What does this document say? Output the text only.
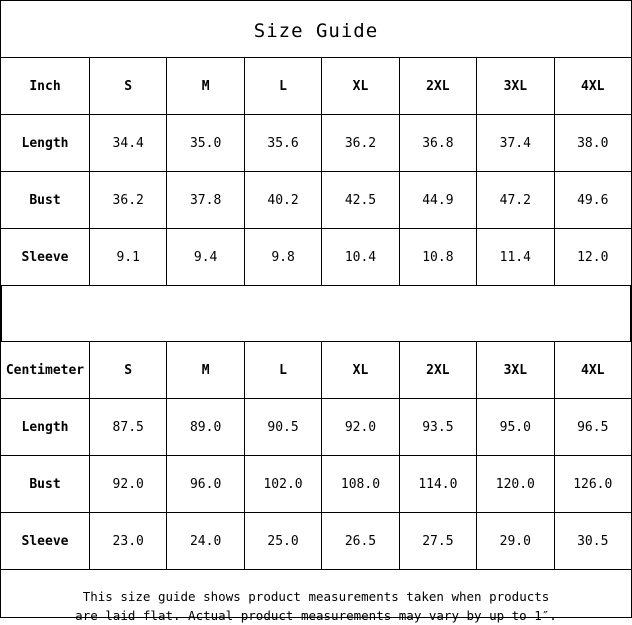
Size Guide
Inch	S	M	L	XL	2XL	3XL	4XL
Length	34.4	35.0	35.6	36.2	36.8	37.4	38.0
Bust	36.2	37.8	40.2	42.5	44.9	47.2	49.6
Sleeve	9.1	9.4	9.8	10.4	10.8	11.4	12.0
Centimeter	S	M	L	XL	2XL	3XL	4XL
Length	87.5	89.0	90.5	92.0	93.5	95.0	96.5
Bust	92.0	96.0	102.0	108.0	114.0	120.0	126.0
Sleeve	23.0	24.0	25.0	26.5	27.5	29.0	30.5
This size guide shows product measurements taken when products
are laid flat. Actual product measurements may vary by up to 1″.
